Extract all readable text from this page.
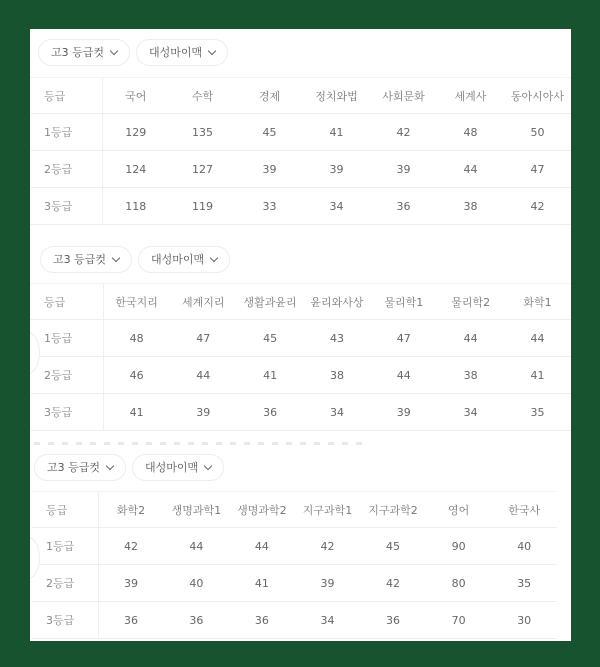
고3 등급컷	대성마이맥
등급	국어	수학	경제	정치와법	사회문화	세계사	동아시아사
1등급	129	135	45	41	42	48	50
2등급	124	127	39	39	39	44	47
3등급	118	119	33	34	36	38	42
고3 등급컷	대성마이맥
등급	한국지리	세계지리	생활과윤리	윤리와사상	물리학1	물리학2	화학1
1등급	48	47	45	43	47	44	44
2등급	46	44	41	38	44	38	41
3등급	41	39	36	34	39	34	35
고3 등급컷	대성마이맥
등급	화학2	생명과학1	생명과학2	지구과학1	지구과학2	영어	한국사
1등급	42	44	44	42	45	90	40
2등급	39	40	41	39	42	80	35
3등급	36	36	36	34	36	70	30
